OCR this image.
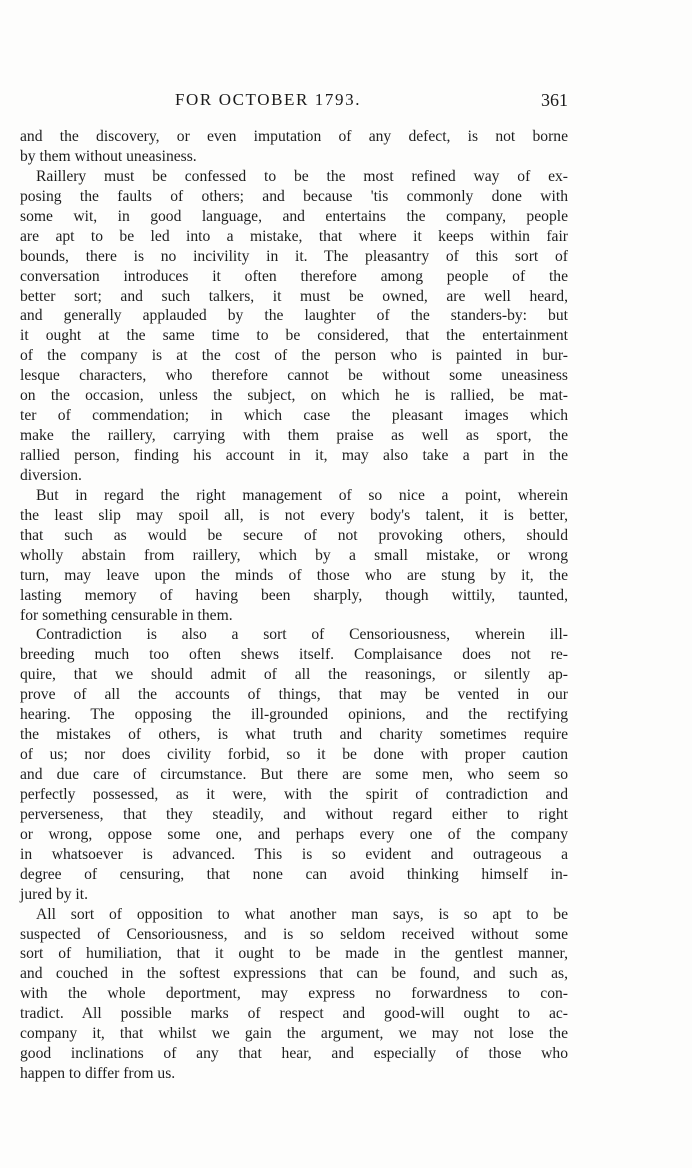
FOR OCTOBER 1793.	361
and the discovery, or even imputation of any defect, is not borne
by them without uneasiness.
Raillery must be confessed to be the most refined way of ex-
posing the faults of others; and because 'tis commonly done with
some wit, in good language, and entertains the company, people
are apt to be led into a mistake, that where it keeps within fair
bounds, there is no incivility in it. The pleasantry of this sort of
conversation introduces it often therefore among people of the
better sort; and such talkers, it must be owned, are well heard,
and generally applauded by the laughter of the standers-by: but
it ought at the same time to be considered, that the entertainment
of the company is at the cost of the person who is painted in bur-
lesque characters, who therefore cannot be without some uneasiness
on the occasion, unless the subject, on which he is rallied, be mat-
ter of commendation; in which case the pleasant images which
make the raillery, carrying with them praise as well as sport, the
rallied person, finding his account in it, may also take a part in the
diversion.
But in regard the right management of so nice a point, wherein
the least slip may spoil all, is not every body's talent, it is better,
that such as would be secure of not provoking others, should
wholly abstain from raillery, which by a small mistake, or wrong
turn, may leave upon the minds of those who are stung by it, the
lasting memory of having been sharply, though wittily, taunted,
for something censurable in them.
Contradiction is also a sort of Censoriousness, wherein ill-
breeding much too often shews itself. Complaisance does not re-
quire, that we should admit of all the reasonings, or silently ap-
prove of all the accounts of things, that may be vented in our
hearing. The opposing the ill-grounded opinions, and the rectifying
the mistakes of others, is what truth and charity sometimes require
of us; nor does civility forbid, so it be done with proper caution
and due care of circumstance. But there are some men, who seem so
perfectly possessed, as it were, with the spirit of contradiction and
perverseness, that they steadily, and without regard either to right
or wrong, oppose some one, and perhaps every one of the company
in whatsoever is advanced. This is so evident and outrageous a
degree of censuring, that none can avoid thinking himself in-
jured by it.
All sort of opposition to what another man says, is so apt to be
suspected of Censoriousness, and is so seldom received without some
sort of humiliation, that it ought to be made in the gentlest manner,
and couched in the softest expressions that can be found, and such as,
with the whole deportment, may express no forwardness to con-
tradict. All possible marks of respect and good-will ought to ac-
company it, that whilst we gain the argument, we may not lose the
good inclinations of any that hear, and especially of those who
happen to differ from us.
